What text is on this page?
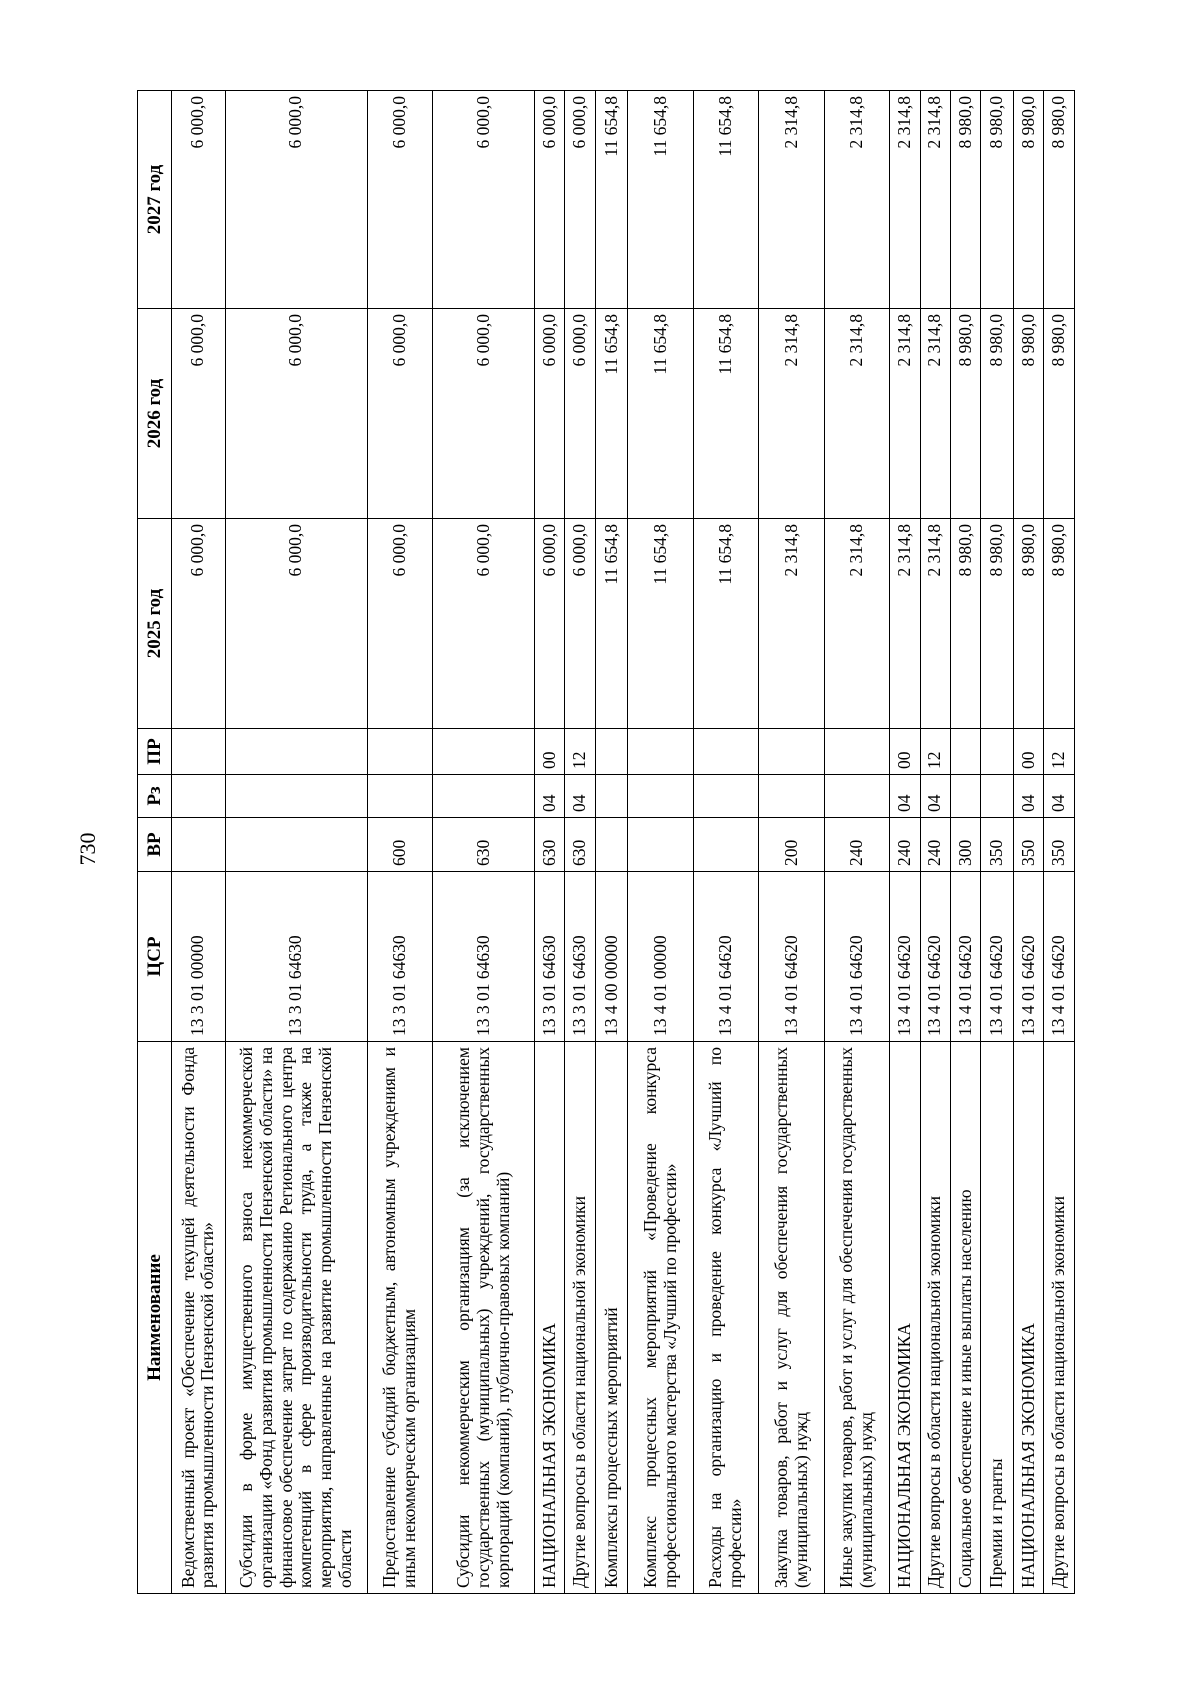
730
Наименование	ЦСР	ВР	Рз	ПР	2025 год	2026 год	2027 год
Ведомственный проект «Обеспечение текущей деятельности Фонда развития промышленности Пензенской области»	13 3 01 00000				6 000,0	6 000,0	6 000,0
Субсидии в форме имущественного взноса некоммерческой организации «Фонд развития промышленности Пензенской области» на финансовое обеспечение затрат по содержанию Регионального центра компетенций в сфере производительности труда, а также на мероприятия, направленные на развитие промышленности Пензенской области	13 3 01 64630				6 000,0	6 000,0	6 000,0
Предоставление субсидий бюджетным, автономным учреждениям и иным некоммерческим организациям	13 3 01 64630	600			6 000,0	6 000,0	6 000,0
Субсидии некоммерческим организациям (за исключением государственных (муниципальных) учреждений, государственных корпораций (компаний), публично-правовых компаний)	13 3 01 64630	630			6 000,0	6 000,0	6 000,0
НАЦИОНАЛЬНАЯ ЭКОНОМИКА	13 3 01 64630	630	04	00	6 000,0	6 000,0	6 000,0
Другие вопросы в области национальной экономики	13 3 01 64630	630	04	12	6 000,0	6 000,0	6 000,0
Комплексы процессных мероприятий	13 4 00 00000				11 654,8	11 654,8	11 654,8
Комплекс процессных мероприятий «Проведение конкурса профессионального мастерства «Лучший по профессии»	13 4 01 00000				11 654,8	11 654,8	11 654,8
Расходы на организацию и проведение конкурса «Лучший по профессии»	13 4 01 64620				11 654,8	11 654,8	11 654,8
Закупка товаров, работ и услуг для обеспечения государственных (муниципальных) нужд	13 4 01 64620	200			2 314,8	2 314,8	2 314,8
Иные закупки товаров, работ и услуг для обеспечения государственных (муниципальных) нужд	13 4 01 64620	240			2 314,8	2 314,8	2 314,8
НАЦИОНАЛЬНАЯ ЭКОНОМИКА	13 4 01 64620	240	04	00	2 314,8	2 314,8	2 314,8
Другие вопросы в области национальной экономики	13 4 01 64620	240	04	12	2 314,8	2 314,8	2 314,8
Социальное обеспечение и иные выплаты населению	13 4 01 64620	300			8 980,0	8 980,0	8 980,0
Премии и гранты	13 4 01 64620	350			8 980,0	8 980,0	8 980,0
НАЦИОНАЛЬНАЯ ЭКОНОМИКА	13 4 01 64620	350	04	00	8 980,0	8 980,0	8 980,0
Другие вопросы в области национальной экономики	13 4 01 64620	350	04	12	8 980,0	8 980,0	8 980,0
